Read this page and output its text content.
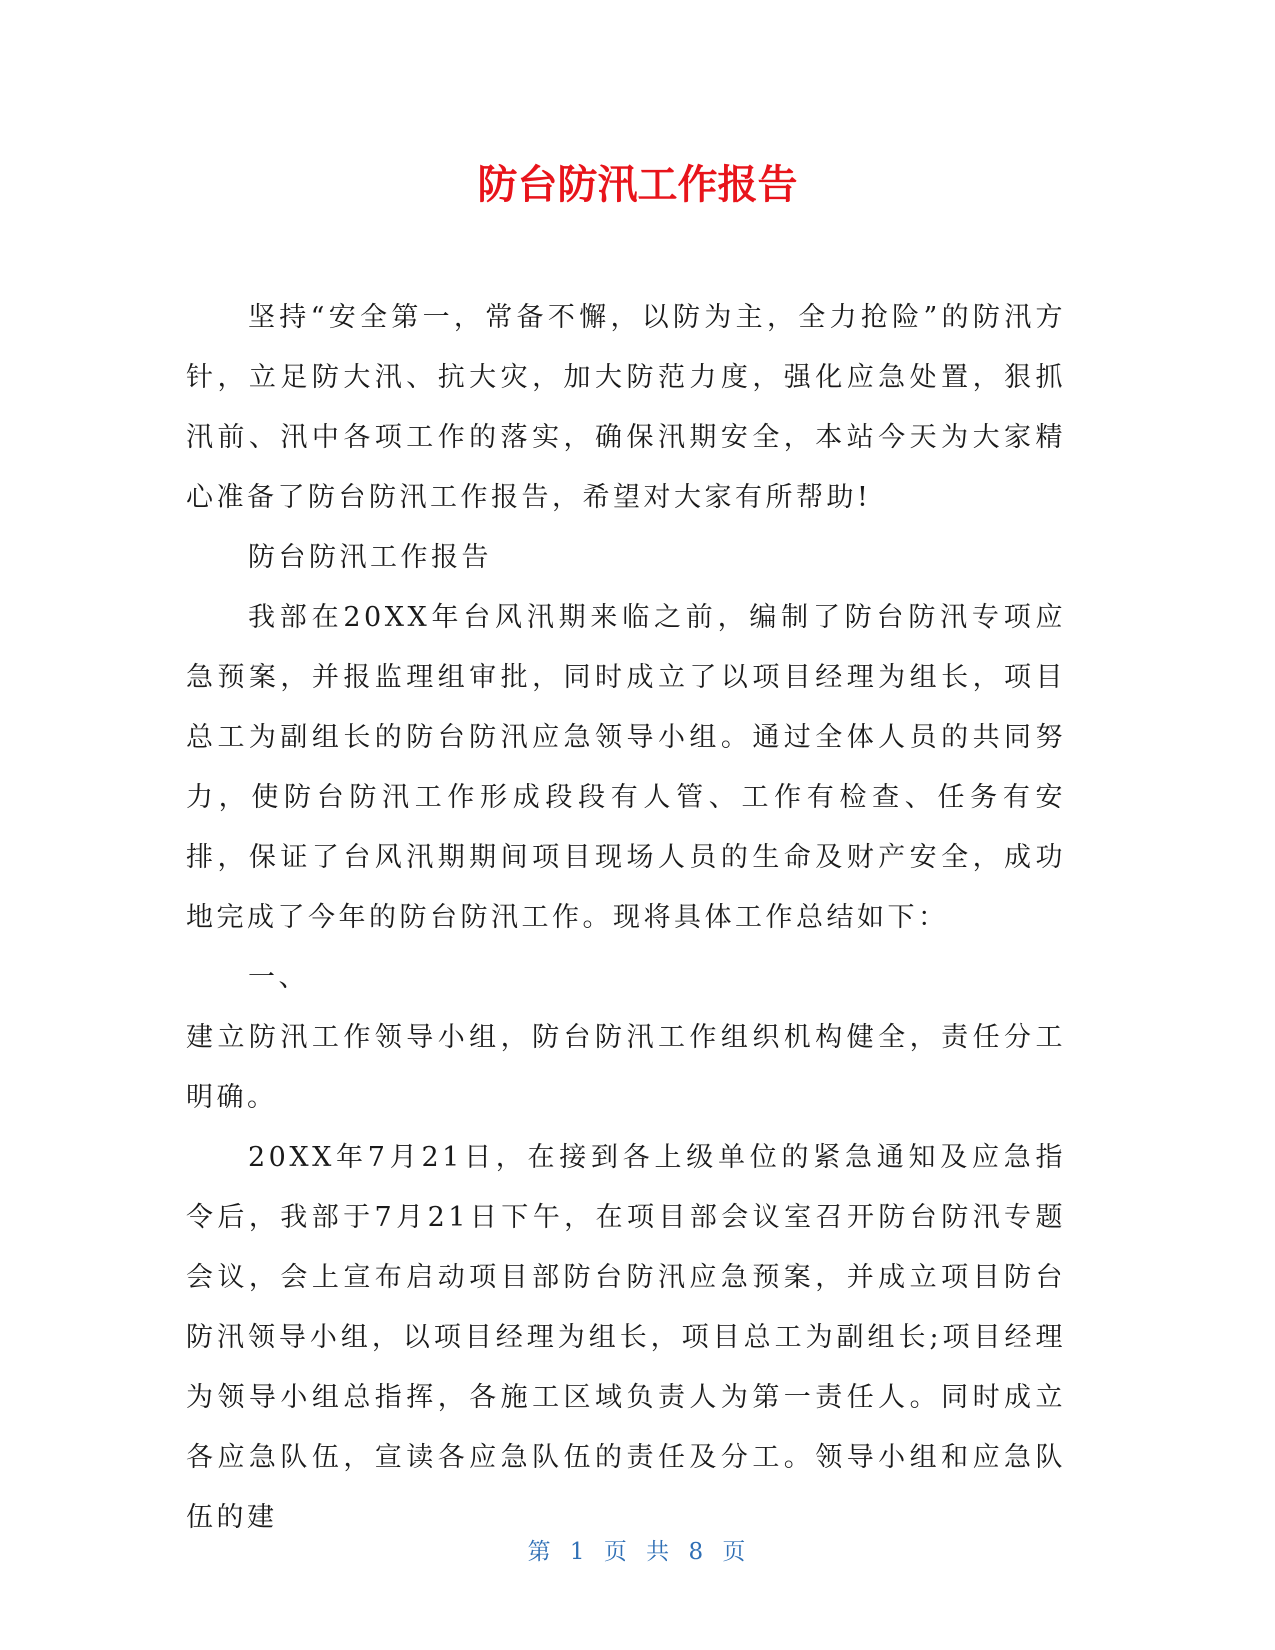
防台防汛工作报告

坚持“安全第一，常备不懈，以防为主，全力抢险”的防汛方针，立足防大汛、抗大灾，加大防范力度，强化应急处置，狠抓汛前、汛中各项工作的落实，确保汛期安全，本站今天为大家精心准备了防台防汛工作报告，希望对大家有所帮助!

防台防汛工作报告

我部在20XX年台风汛期来临之前，编制了防台防汛专项应急预案，并报监理组审批，同时成立了以项目经理为组长，项目总工为副组长的防台防汛应急领导小组。通过全体人员的共同努力，使防台防汛工作形成段段有人管、工作有检查、任务有安排，保证了台风汛期期间项目现场人员的生命及财产安全，成功地完成了今年的防台防汛工作。现将具体工作总结如下：

一、

建立防汛工作领导小组，防台防汛工作组织机构健全，责任分工明确。

20XX年7月21日，在接到各上级单位的紧急通知及应急指令后，我部于7月21日下午，在项目部会议室召开防台防汛专题会议，会上宣布启动项目部防台防汛应急预案，并成立项目防台防汛领导小组，以项目经理为组长，项目总工为副组长;项目经理为领导小组总指挥，各施工区域负责人为第一责任人。同时成立各应急队伍，宣读各应急队伍的责任及分工。领导小组和应急队伍的建

第 1 页 共 8 页
